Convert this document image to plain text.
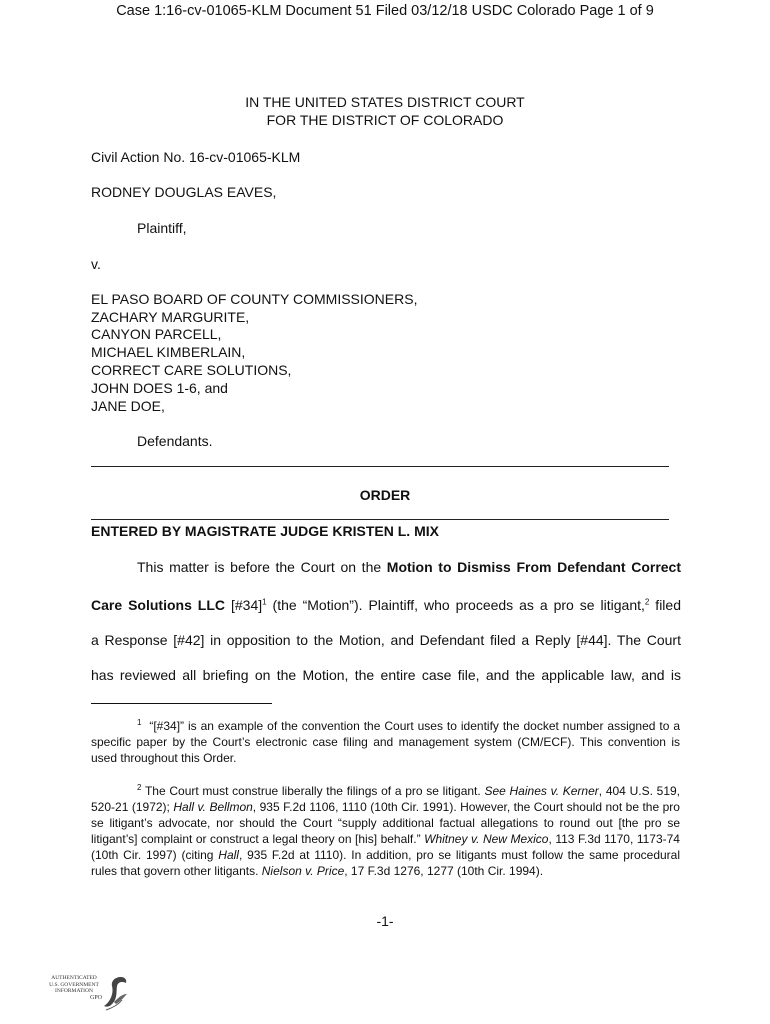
Case 1:16-cv-01065-KLM Document 51 Filed 03/12/18 USDC Colorado Page 1 of 9
IN THE UNITED STATES DISTRICT COURT
FOR THE DISTRICT OF COLORADO
Civil Action No. 16-cv-01065-KLM
RODNEY DOUGLAS EAVES,
Plaintiff,
v.
EL PASO BOARD OF COUNTY COMMISSIONERS,
ZACHARY MARGURITE,
CANYON PARCELL,
MICHAEL KIMBERLAIN,
CORRECT CARE SOLUTIONS,
JOHN DOES 1-6, and
JANE DOE,
Defendants.
ORDER
ENTERED BY MAGISTRATE JUDGE KRISTEN L. MIX
This matter is before the Court on the Motion to Dismiss From Defendant Correct
Care Solutions LLC [#34]$^1$ (the “Motion”). Plaintiff, who proceeds as a pro se litigant,$^2$ filed
a Response [#42] in opposition to the Motion, and Defendant filed a Reply [#44]. The Court
has reviewed all briefing on the Motion, the entire case file, and the applicable law, and is

$^1$ “[#34]” is an example of the convention the Court uses to identify the docket number assigned to a specific paper by the Court’s electronic case filing and management system (CM/ECF). This convention is used throughout this Order.

$^2$ The Court must construe liberally the filings of a pro se litigant. See Haines v. Kerner, 404 U.S. 519, 520-21 (1972); Hall v. Bellmon, 935 F.2d 1106, 1110 (10th Cir. 1991). However, the Court should not be the pro se litigant’s advocate, nor should the Court “supply additional factual allegations to round out [the pro se litigant’s] complaint or construct a legal theory on [his] behalf.” Whitney v. New Mexico, 113 F.3d 1170, 1173-74 (10th Cir. 1997) (citing Hall, 935 F.2d at 1110). In addition, pro se litigants must follow the same procedural rules that govern other litigants. Nielson v. Price, 17 F.3d 1276, 1277 (10th Cir. 1994).

-1-
AUTHENTICATED
U.S. GOVERNMENT
INFORMATION
GPO
